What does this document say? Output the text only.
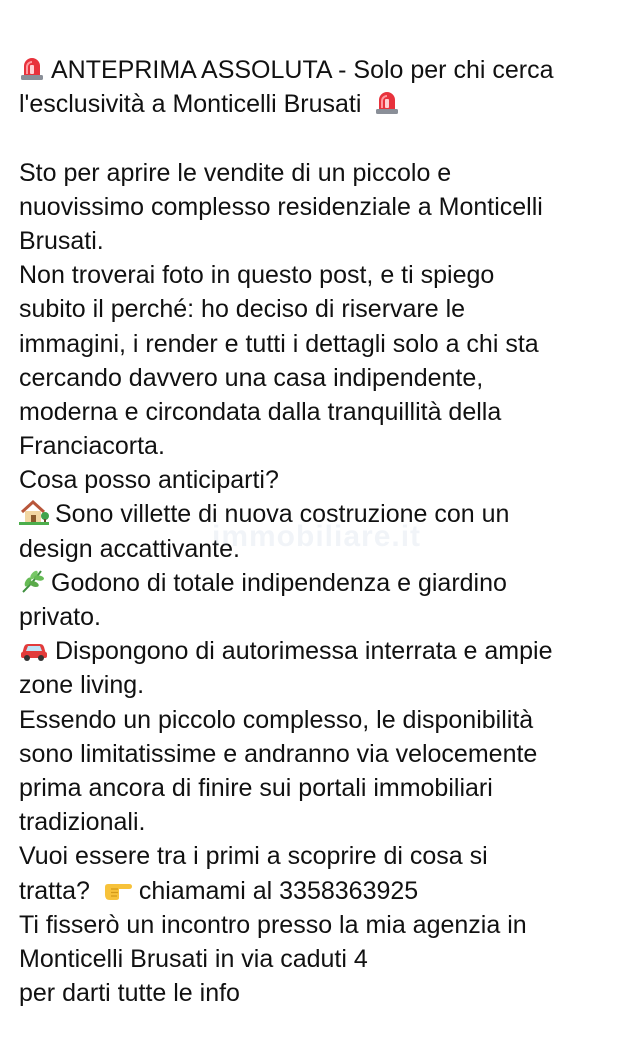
ANTEPRIMA ASSOLUTA - Solo per chi cerca
l'esclusività a Monticelli Brusati
Sto per aprire le vendite di un piccolo e
nuovissimo complesso residenziale a Monticelli
Brusati.
Non troverai foto in questo post, e ti spiego
subito il perché: ho deciso di riservare le
immagini, i render e tutti i dettagli solo a chi sta
cercando davvero una casa indipendente,
moderna e circondata dalla tranquillità della
Franciacorta.
Cosa posso anticiparti?
Sono villette di nuova costruzione con un
design accattivante.
Godono di totale indipendenza e giardino
privato.
Dispongono di autorimessa interrata e ampie
zone living.
Essendo un piccolo complesso, le disponibilità
sono limitatissime e andranno via velocemente
prima ancora di finire sui portali immobiliari
tradizionali.
Vuoi essere tra i primi a scoprire di cosa si
tratta? chiamami al 3358363925
Ti fisserò un incontro presso la mia agenzia in
Monticelli Brusati in via caduti 4
per darti tutte le info
immobiliare.it
